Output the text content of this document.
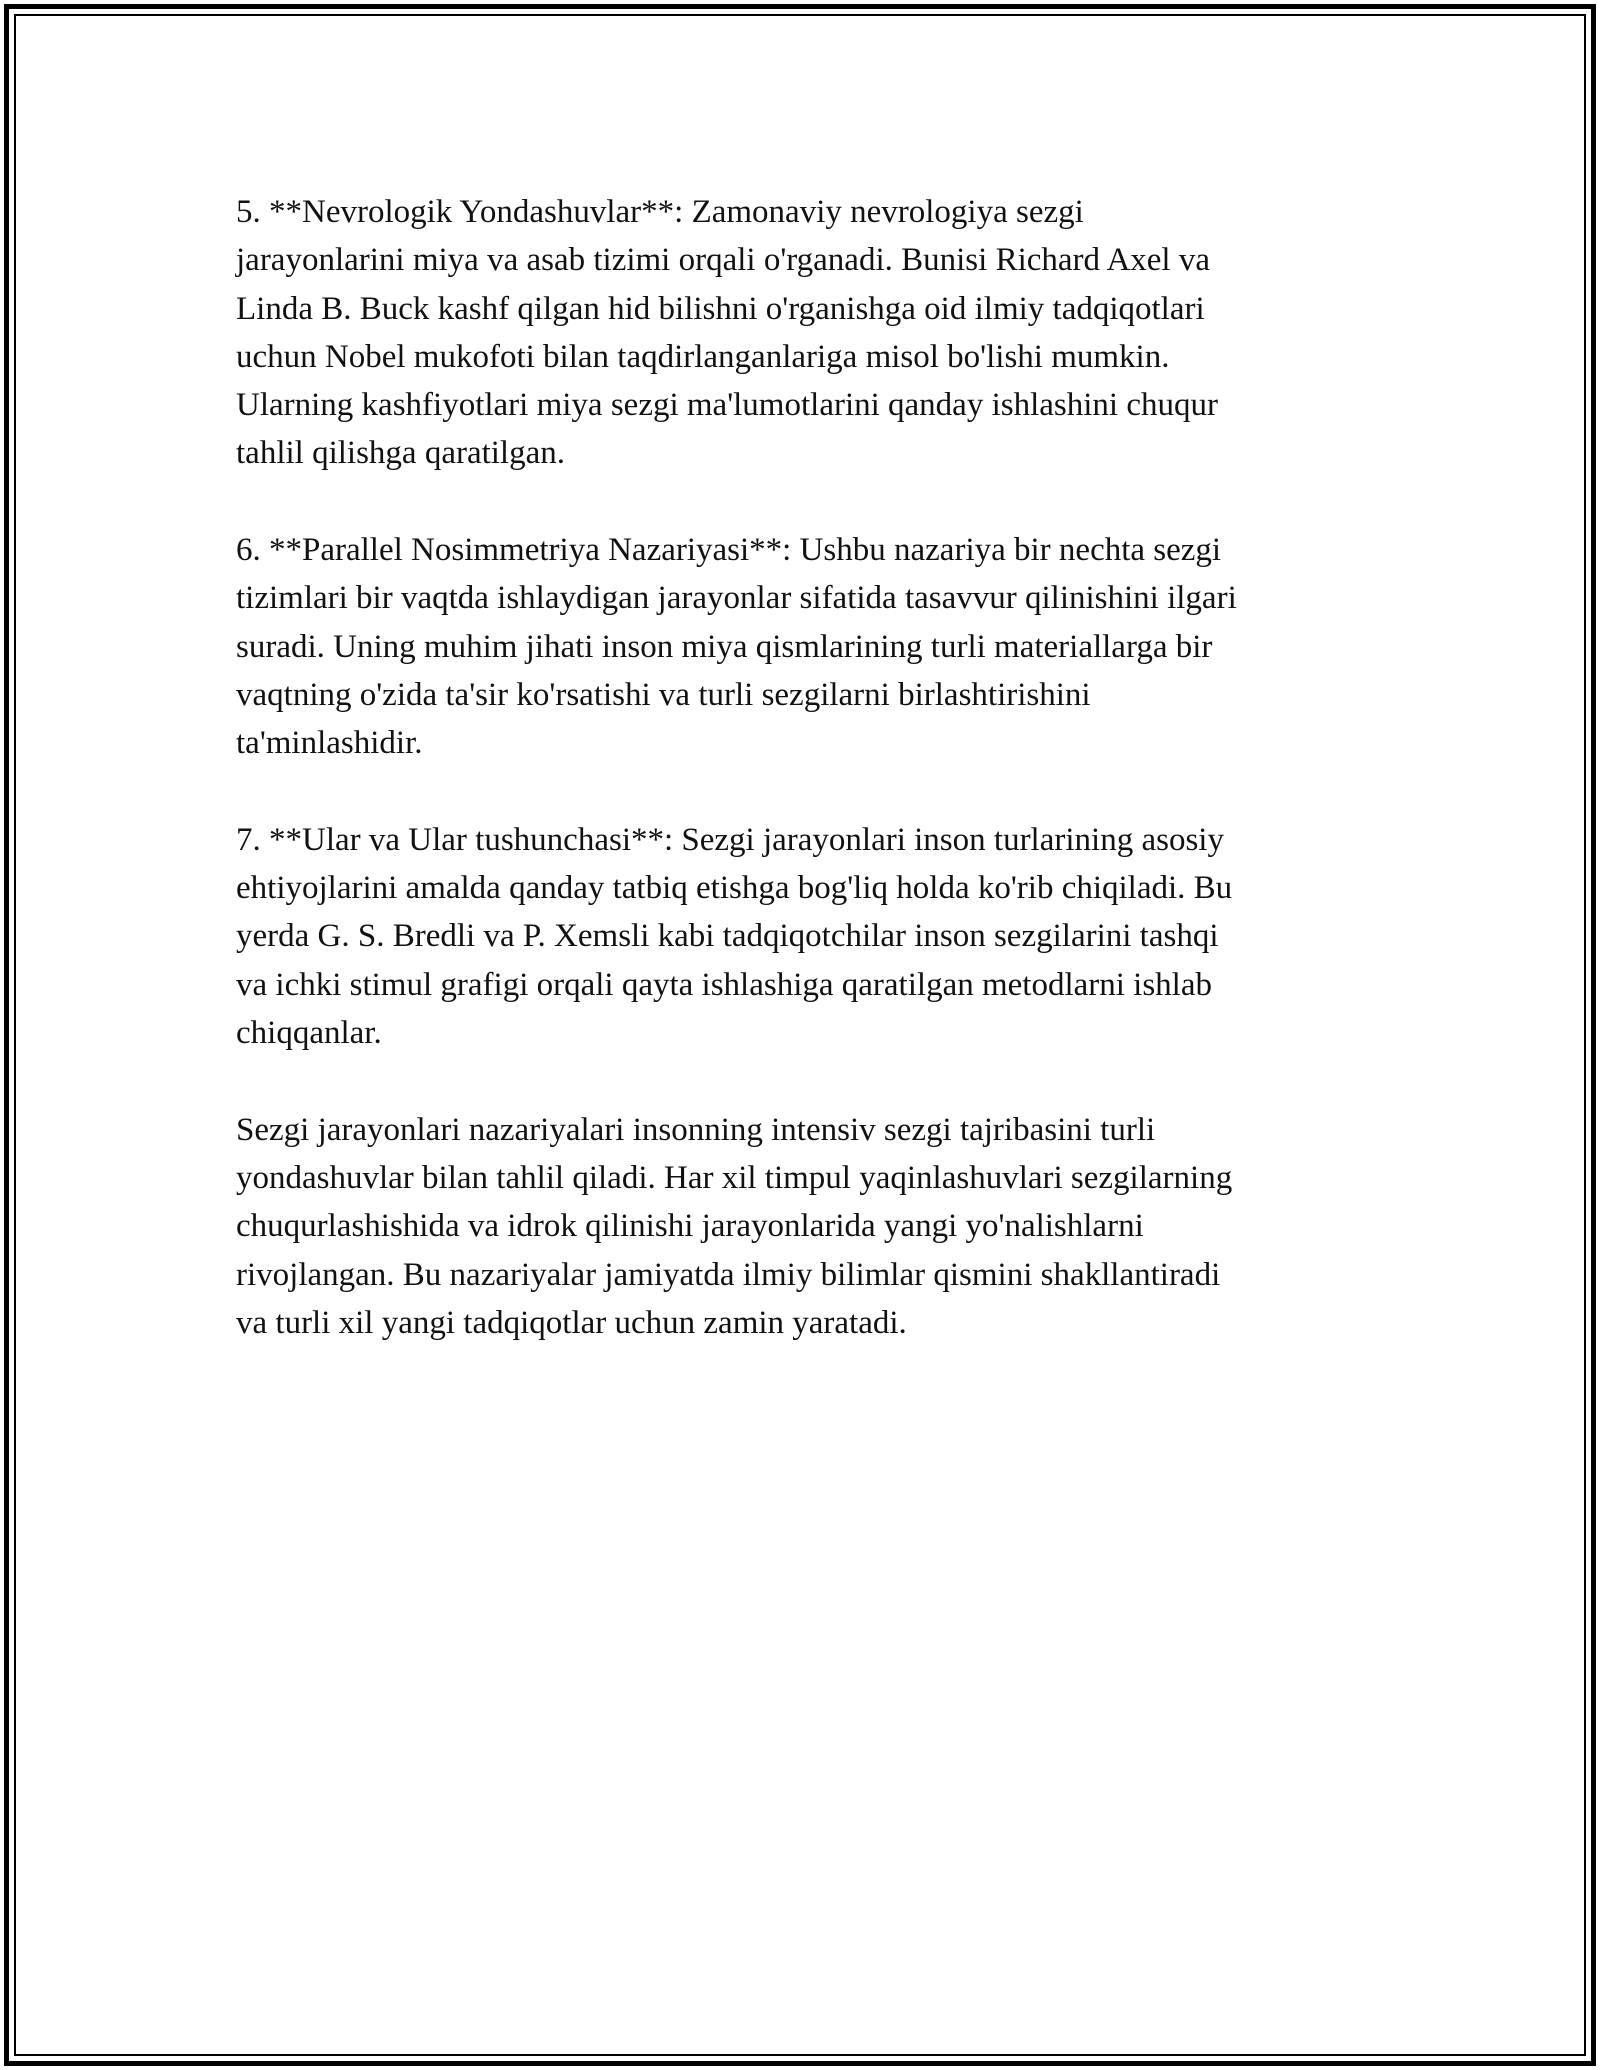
5. **Nevrologik Yondashuvlar**: Zamonaviy nevrologiya sezgi
jarayonlarini miya va asab tizimi orqali o'rganadi. Bunisi Richard Axel va
Linda B. Buck kashf qilgan hid bilishni o'rganishga oid ilmiy tadqiqotlari
uchun Nobel mukofoti bilan taqdirlanganlariga misol bo'lishi mumkin.
Ularning kashfiyotlari miya sezgi ma'lumotlarini qanday ishlashini chuqur
tahlil qilishga qaratilgan.

6. **Parallel Nosimmetriya Nazariyasi**: Ushbu nazariya bir nechta sezgi
tizimlari bir vaqtda ishlaydigan jarayonlar sifatida tasavvur qilinishini ilgari
suradi. Uning muhim jihati inson miya qismlarining turli materiallarga bir
vaqtning o'zida ta'sir ko'rsatishi va turli sezgilarni birlashtirishini
ta'minlashidir.

7. **Ular va Ular tushunchasi**: Sezgi jarayonlari inson turlarining asosiy
ehtiyojlarini amalda qanday tatbiq etishga bog'liq holda ko'rib chiqiladi. Bu
yerda G. S. Bredli va P. Xemsli kabi tadqiqotchilar inson sezgilarini tashqi
va ichki stimul grafigi orqali qayta ishlashiga qaratilgan metodlarni ishlab
chiqqanlar.

Sezgi jarayonlari nazariyalari insonning intensiv sezgi tajribasini turli
yondashuvlar bilan tahlil qiladi. Har xil timpul yaqinlashuvlari sezgilarning
chuqurlashishida va idrok qilinishi jarayonlarida yangi yo'nalishlarni
rivojlangan. Bu nazariyalar jamiyatda ilmiy bilimlar qismini shakllantiradi
va turli xil yangi tadqiqotlar uchun zamin yaratadi.
